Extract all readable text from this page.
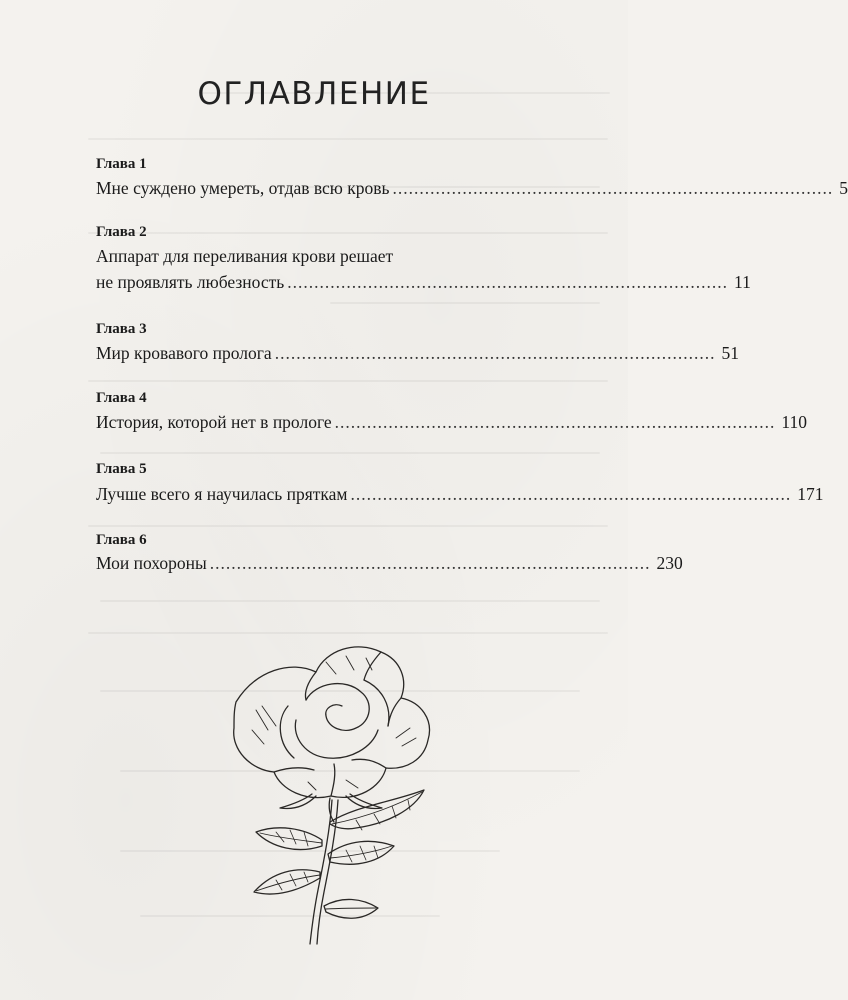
ОГЛАВЛЕНИЕ
Глава 1
Мне суждено умереть, отдав всю кровь .................................................................................. 5
Глава 2
Аппарат для переливания крови решает
не проявлять любезность .................................................................................. 11
Глава 3
Мир кровавого пролога .................................................................................. 51
Глава 4
История, которой нет в прологе .................................................................................. 110
Глава 5
Лучше всего я научилась пряткам .................................................................................. 171
Глава 6
Мои похороны .................................................................................. 230
